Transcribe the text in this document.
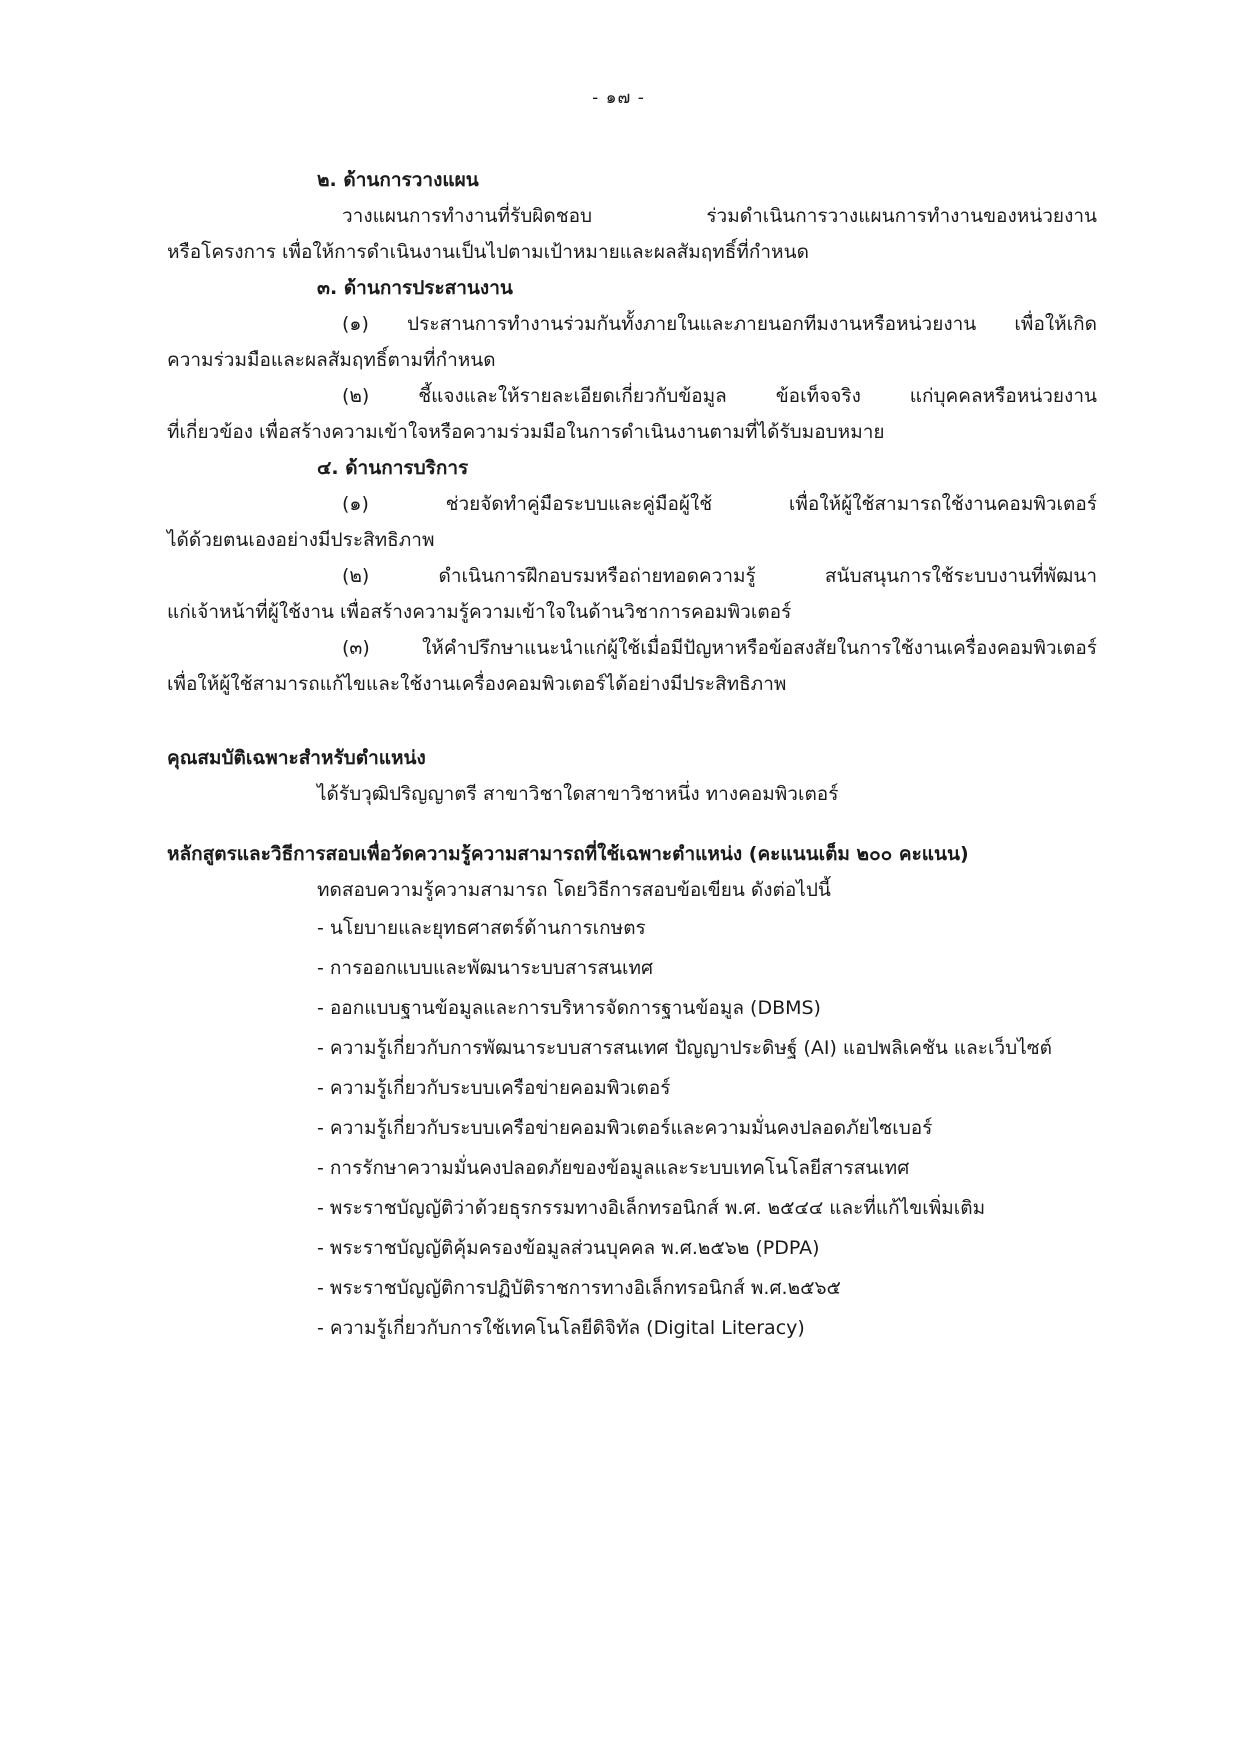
- ๑๗ -
๒. ด้านการวางแผน
วางแผนการทำงานที่รับผิดชอบ ร่วมดำเนินการวางแผนการทำงานของหน่วยงาน
หรือโครงการ เพื่อให้การดำเนินงานเป็นไปตามเป้าหมายและผลสัมฤทธิ์ที่กำหนด
๓. ด้านการประสานงาน
(๑) ประสานการทำงานร่วมกันทั้งภายในและภายนอกทีมงานหรือหน่วยงาน เพื่อให้เกิด
ความร่วมมือและผลสัมฤทธิ์ตามที่กำหนด
(๒) ชี้แจงและให้รายละเอียดเกี่ยวกับข้อมูล ข้อเท็จจริง แก่บุคคลหรือหน่วยงาน
ที่เกี่ยวข้อง เพื่อสร้างความเข้าใจหรือความร่วมมือในการดำเนินงานตามที่ได้รับมอบหมาย
๔. ด้านการบริการ
(๑) ช่วยจัดทำคู่มือระบบและคู่มือผู้ใช้ เพื่อให้ผู้ใช้สามารถใช้งานคอมพิวเตอร์
ได้ด้วยตนเองอย่างมีประสิทธิภาพ
(๒) ดำเนินการฝึกอบรมหรือถ่ายทอดความรู้ สนับสนุนการใช้ระบบงานที่พัฒนา
แก่เจ้าหน้าที่ผู้ใช้งาน เพื่อสร้างความรู้ความเข้าใจในด้านวิชาการคอมพิวเตอร์
(๓) ให้คำปรึกษาแนะนำแก่ผู้ใช้เมื่อมีปัญหาหรือข้อสงสัยในการใช้งานเครื่องคอมพิวเตอร์
เพื่อให้ผู้ใช้สามารถแก้ไขและใช้งานเครื่องคอมพิวเตอร์ได้อย่างมีประสิทธิภาพ
คุณสมบัติเฉพาะสำหรับตำแหน่ง
ได้รับวุฒิปริญญาตรี สาขาวิชาใดสาขาวิชาหนึ่ง ทางคอมพิวเตอร์
หลักสูตรและวิธีการสอบเพื่อวัดความรู้ความสามารถที่ใช้เฉพาะตำแหน่ง (คะแนนเต็ม ๒๐๐ คะแนน)
ทดสอบความรู้ความสามารถ โดยวิธีการสอบข้อเขียน ดังต่อไปนี้
- นโยบายและยุทธศาสตร์ด้านการเกษตร
- การออกแบบและพัฒนาระบบสารสนเทศ
- ออกแบบฐานข้อมูลและการบริหารจัดการฐานข้อมูล (DBMS)
- ความรู้เกี่ยวกับการพัฒนาระบบสารสนเทศ ปัญญาประดิษฐ์ (AI) แอปพลิเคชัน และเว็บไซต์
- ความรู้เกี่ยวกับระบบเครือข่ายคอมพิวเตอร์
- ความรู้เกี่ยวกับระบบเครือข่ายคอมพิวเตอร์และความมั่นคงปลอดภัยไซเบอร์
- การรักษาความมั่นคงปลอดภัยของข้อมูลและระบบเทคโนโลยีสารสนเทศ
- พระราชบัญญัติว่าด้วยธุรกรรมทางอิเล็กทรอนิกส์ พ.ศ. ๒๕๔๔ และที่แก้ไขเพิ่มเติม
- พระราชบัญญัติคุ้มครองข้อมูลส่วนบุคคล พ.ศ.๒๕๖๒ (PDPA)
- พระราชบัญญัติการปฏิบัติราชการทางอิเล็กทรอนิกส์ พ.ศ.๒๕๖๕
- ความรู้เกี่ยวกับการใช้เทคโนโลยีดิจิทัล (Digital Literacy)
